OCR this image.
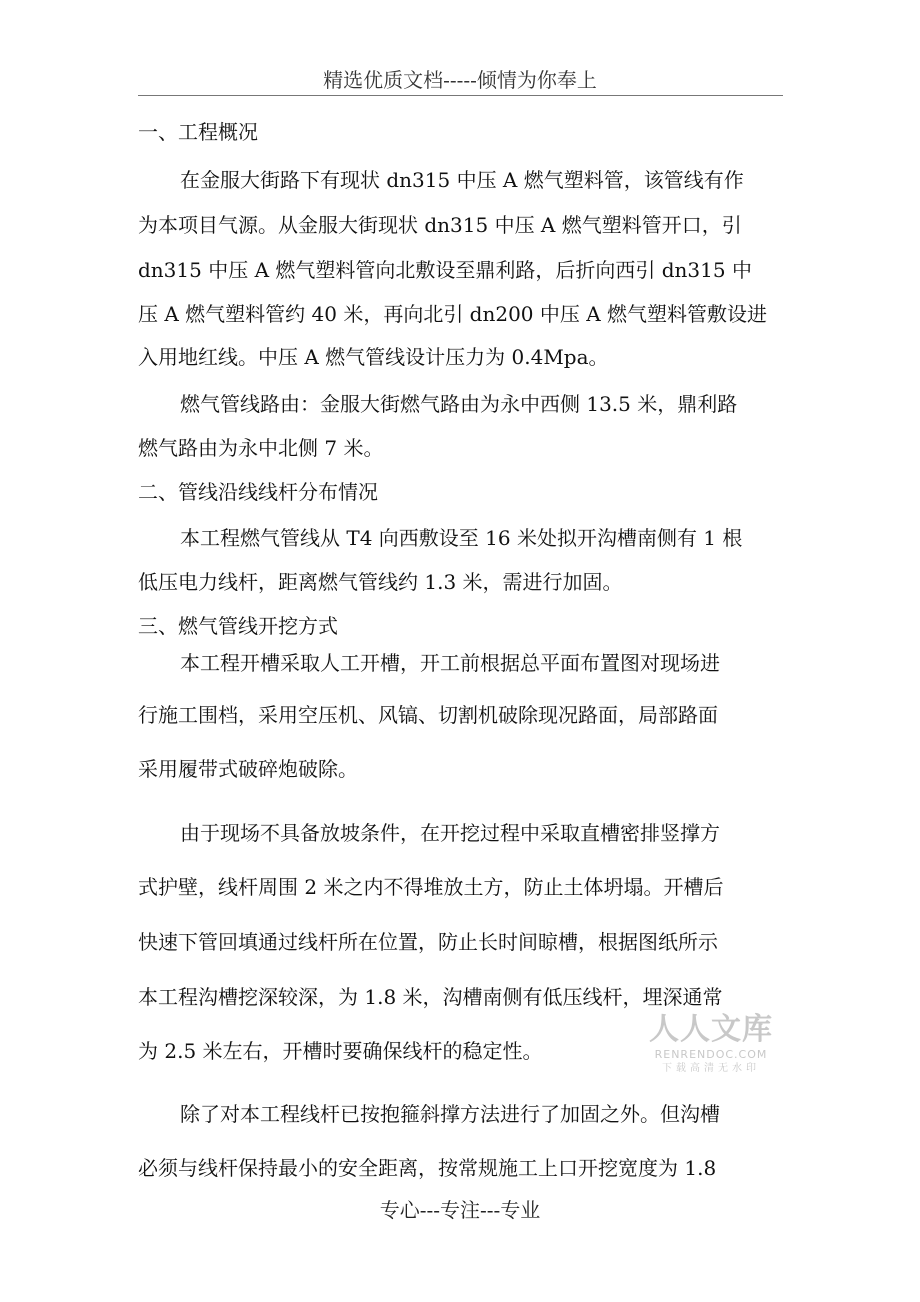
精选优质文档-----倾情为你奉上
一、工程概况
在金服大街路下有现状 dn315 中压 A 燃气塑料管，该管线有作
为本项目气源。从金服大街现状 dn315 中压 A 燃气塑料管开口，引
dn315 中压 A 燃气塑料管向北敷设至鼎利路，后折向西引 dn315 中
压 A 燃气塑料管约 40 米，再向北引 dn200 中压 A 燃气塑料管敷设进
入用地红线。中压 A 燃气管线设计压力为 0.4Mpa。
燃气管线路由：金服大街燃气路由为永中西侧 13.5 米，鼎利路
燃气路由为永中北侧 7 米。
二、管线沿线线杆分布情况
本工程燃气管线从 T4 向西敷设至 16 米处拟开沟槽南侧有 1 根
低压电力线杆，距离燃气管线约 1.3 米，需进行加固。
三、燃气管线开挖方式
本工程开槽采取人工开槽，开工前根据总平面布置图对现场进
行施工围档，采用空压机、风镐、切割机破除现况路面，局部路面
采用履带式破碎炮破除。
由于现场不具备放坡条件，在开挖过程中采取直槽密排竖撑方
式护壁，线杆周围 2 米之内不得堆放土方，防止土体坍塌。开槽后
快速下管回填通过线杆所在位置，防止长时间晾槽，根据图纸所示
本工程沟槽挖深较深，为 1.8 米，沟槽南侧有低压线杆，埋深通常
为 2.5 米左右，开槽时要确保线杆的稳定性。
除了对本工程线杆已按抱箍斜撑方法进行了加固之外。但沟槽
必须与线杆保持最小的安全距离，按常规施工上口开挖宽度为 1.8
人人文库
RENRENDOC.COM
下载高清无水印
专心---专注---专业
